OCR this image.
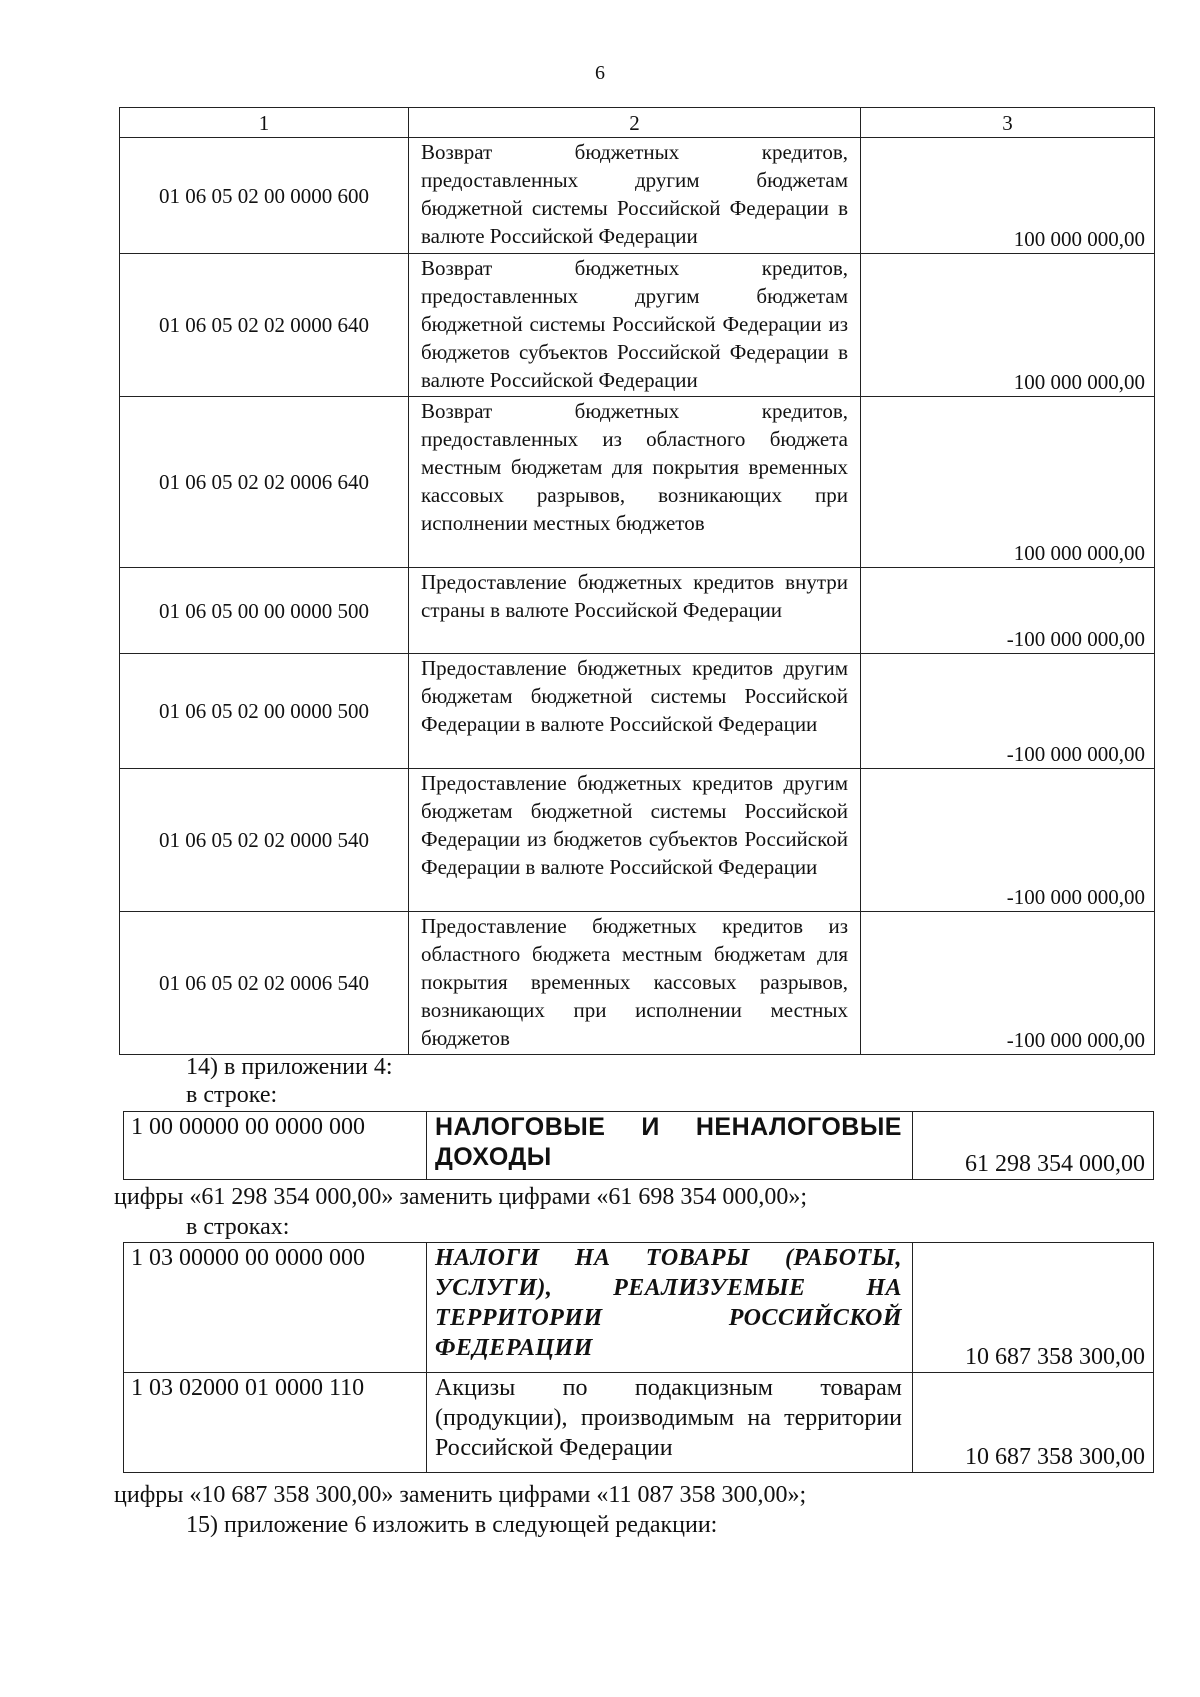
6
1	2	3
01 06 05 02 00 0000 600	Возврат бюджетных кредитов, предоставленных другим бюджетам бюджетной системы Российской Федерации в валюте Российской Федерации	100 000 000,00
01 06 05 02 02 0000 640	Возврат бюджетных кредитов, предоставленных другим бюджетам бюджетной системы Российской Федерации из бюджетов субъектов Российской Федерации в валюте Российской Федерации	100 000 000,00
01 06 05 02 02 0006 640	Возврат бюджетных кредитов, предоставленных из областного бюджета местным бюджетам для покрытия временных кассовых разрывов, возникающих при исполнении местных бюджетов	100 000 000,00
01 06 05 00 00 0000 500	Предоставление бюджетных кредитов внутри страны в валюте Российской Федерации	-100 000 000,00
01 06 05 02 00 0000 500	Предоставление бюджетных кредитов другим бюджетам бюджетной системы Российской Федерации в валюте Российской Федерации	-100 000 000,00
01 06 05 02 02 0000 540	Предоставление бюджетных кредитов другим бюджетам бюджетной системы Российской Федерации из бюджетов субъектов Российской Федерации в валюте Российской Федерации	-100 000 000,00
01 06 05 02 02 0006 540	Предоставление бюджетных кредитов из областного бюджета местным бюджетам для покрытия временных кассовых разрывов, возникающих при исполнении местных бюджетов	-100 000 000,00
14) в приложении 4:
в строке:
1 00 00000 00 0000 000	НАЛОГОВЫЕ И НЕНАЛОГОВЫЕ ДОХОДЫ	61 298 354 000,00
цифры «61 298 354 000,00» заменить цифрами «61 698 354 000,00»;
в строках:
1 03 00000 00 0000 000	НАЛОГИ НА ТОВАРЫ (РАБОТЫ, УСЛУГИ), РЕАЛИЗУЕМЫЕ НА ТЕРРИТОРИИ РОССИЙСКОЙ ФЕДЕРАЦИИ	10 687 358 300,00
1 03 02000 01 0000 110	Акцизы по подакцизным товарам (продукции), производимым на территории Российской Федерации	10 687 358 300,00
цифры «10 687 358 300,00» заменить цифрами «11 087 358 300,00»;
15) приложение 6 изложить в следующей редакции:
